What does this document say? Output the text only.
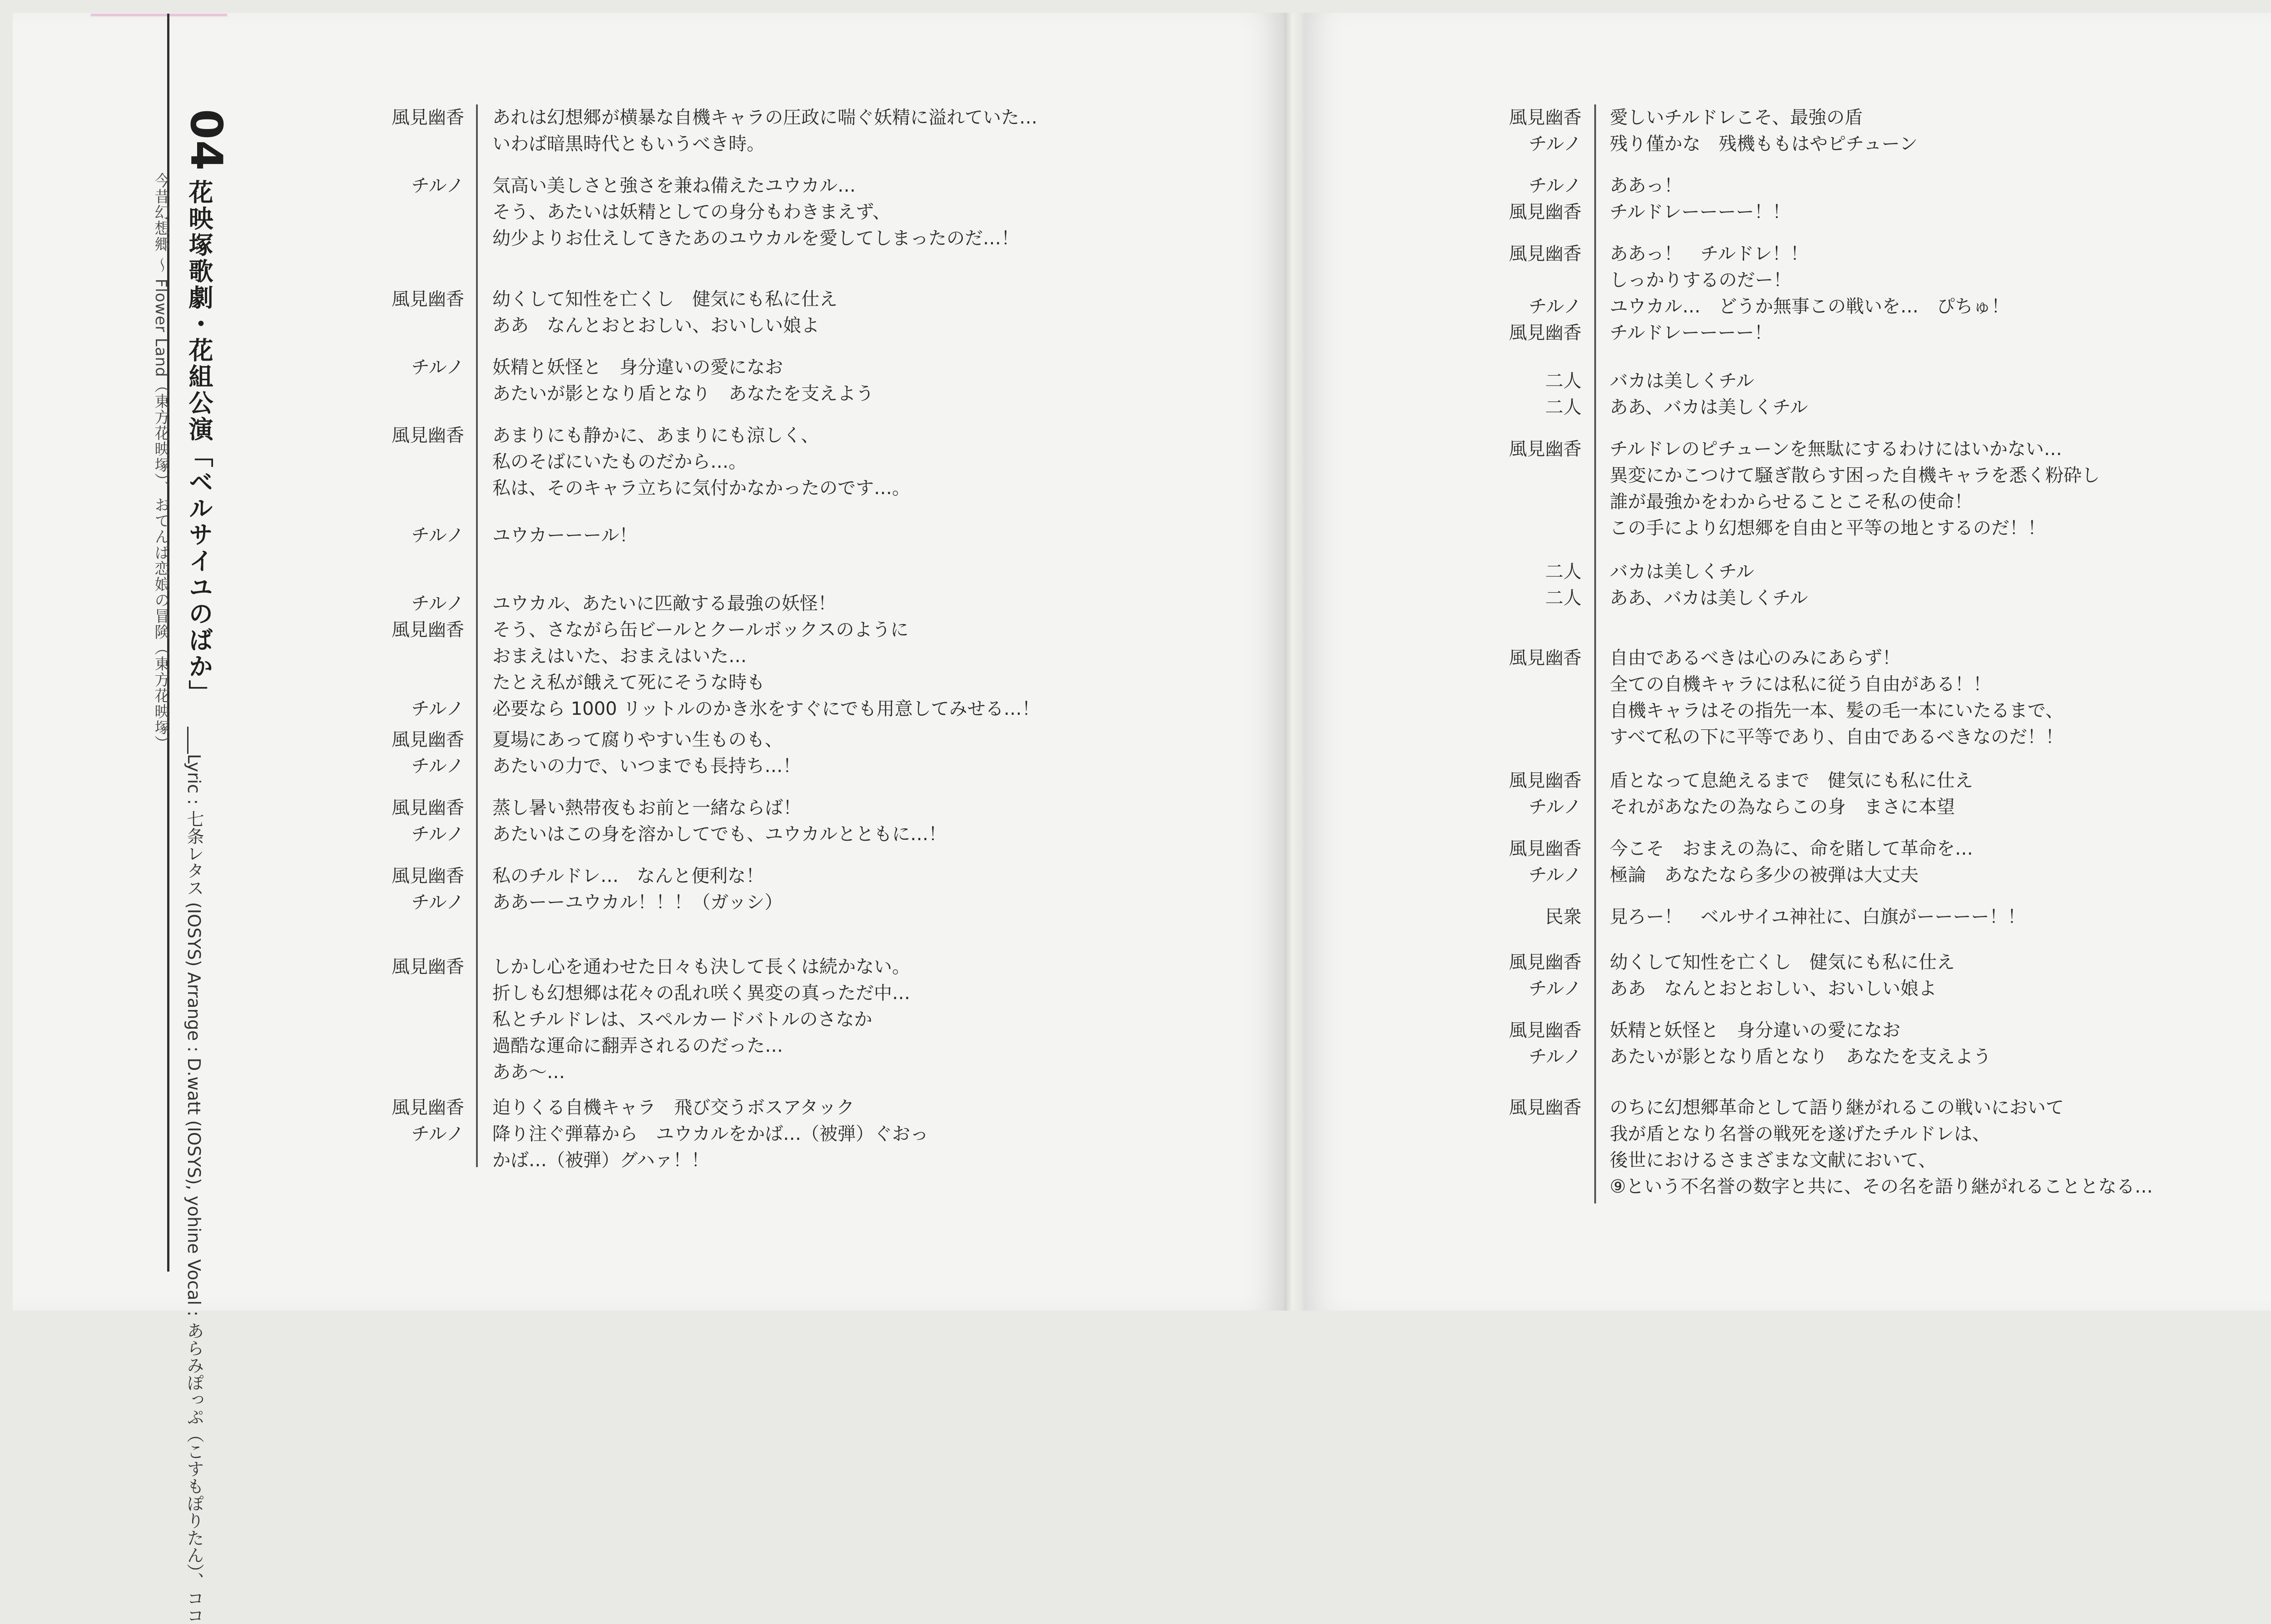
04
花映塚歌劇・花組公演「ベルサイユのばか」
今昔幻想郷 ～ Flower Land（東方花映塚）、おてんば恋娘の冒険（東方花映塚）
Lyric : 七条レタス (IOSYS) Arrange : D.watt (IOSYS), yohine Vocal : あらみぽっぷ（こすもぽりたん）、ココ
風見幽香	あれは幻想郷が横暴な自機キャラの圧政に喘ぐ妖精に溢れていた…
いわば暗黒時代ともいうべき時。
チルノ	気高い美しさと強さを兼ね備えたユウカル…
そう、あたいは妖精としての身分もわきまえず、
幼少よりお仕えしてきたあのユウカルを愛してしまったのだ…！
風見幽香	幼くして知性を亡くし　健気にも私に仕え
ああ　なんとおとおしい、おいしい娘よ
チルノ	妖精と妖怪と　身分違いの愛になお
あたいが影となり盾となり　あなたを支えよう
風見幽香	あまりにも静かに、あまりにも涼しく、
私のそばにいたものだから…。
私は、そのキャラ立ちに気付かなかったのです…。
チルノ	ユウカーーール！
チルノ	ユウカル、あたいに匹敵する最強の妖怪！
風見幽香	そう、さながら缶ビールとクールボックスのように
おまえはいた、おまえはいた…
たとえ私が餓えて死にそうな時も
チルノ	必要なら 1000 リットルのかき氷をすぐにでも用意してみせる…！
風見幽香	夏場にあって腐りやすい生ものも、
チルノ	あたいの力で、いつまでも長持ち…！
風見幽香	蒸し暑い熱帯夜もお前と一緒ならば！
チルノ	あたいはこの身を溶かしてでも、ユウカルとともに…！
風見幽香	私のチルドレ…　なんと便利な！
チルノ	ああーーユウカル！！！（ガッシ）
風見幽香	しかし心を通わせた日々も決して長くは続かない。
折しも幻想郷は花々の乱れ咲く異変の真っただ中…
私とチルドレは、スペルカードバトルのさなか
過酷な運命に翻弄されるのだった…
ああ～…
風見幽香	迫りくる自機キャラ　飛び交うボスアタック
チルノ	降り注ぐ弾幕から　ユウカルをかば…（被弾）ぐおっ
かば…（被弾）グハァ！！
風見幽香	愛しいチルドレこそ、最強の盾
チルノ	残り僅かな　残機ももはやピチューン
チルノ	ああっ！
風見幽香	チルドレーーーー！！
風見幽香	ああっ！　チルドレ！！
しっかりするのだー！
チルノ	ユウカル…　どうか無事この戦いを…　ぴちゅ！
風見幽香	チルドレーーーー！
二人	バカは美しくチル
二人	ああ、バカは美しくチル
風見幽香	チルドレのピチューンを無駄にするわけにはいかない…
異変にかこつけて騒ぎ散らす困った自機キャラを悉く粉砕し
誰が最強かをわからせることこそ私の使命！
この手により幻想郷を自由と平等の地とするのだ！！
二人	バカは美しくチル
二人	ああ、バカは美しくチル
風見幽香	自由であるべきは心のみにあらず！
全ての自機キャラには私に従う自由がある！！
自機キャラはその指先一本、髪の毛一本にいたるまで、
すべて私の下に平等であり、自由であるべきなのだ！！
風見幽香	盾となって息絶えるまで　健気にも私に仕え
チルノ	それがあなたの為ならこの身　まさに本望
風見幽香	今こそ　おまえの為に、命を賭して革命を…
チルノ	極論　あなたなら多少の被弾は大丈夫
民衆	見ろー！　ベルサイユ神社に、白旗がーーーー！！
風見幽香	幼くして知性を亡くし　健気にも私に仕え
チルノ	ああ　なんとおとおしい、おいしい娘よ
風見幽香	妖精と妖怪と　身分違いの愛になお
チルノ	あたいが影となり盾となり　あなたを支えよう
風見幽香	のちに幻想郷革命として語り継がれるこの戦いにおいて
我が盾となり名誉の戦死を遂げたチルドレは、
後世におけるさまざまな文献において、
⑨という不名誉の数字と共に、その名を語り継がれることとなる…
